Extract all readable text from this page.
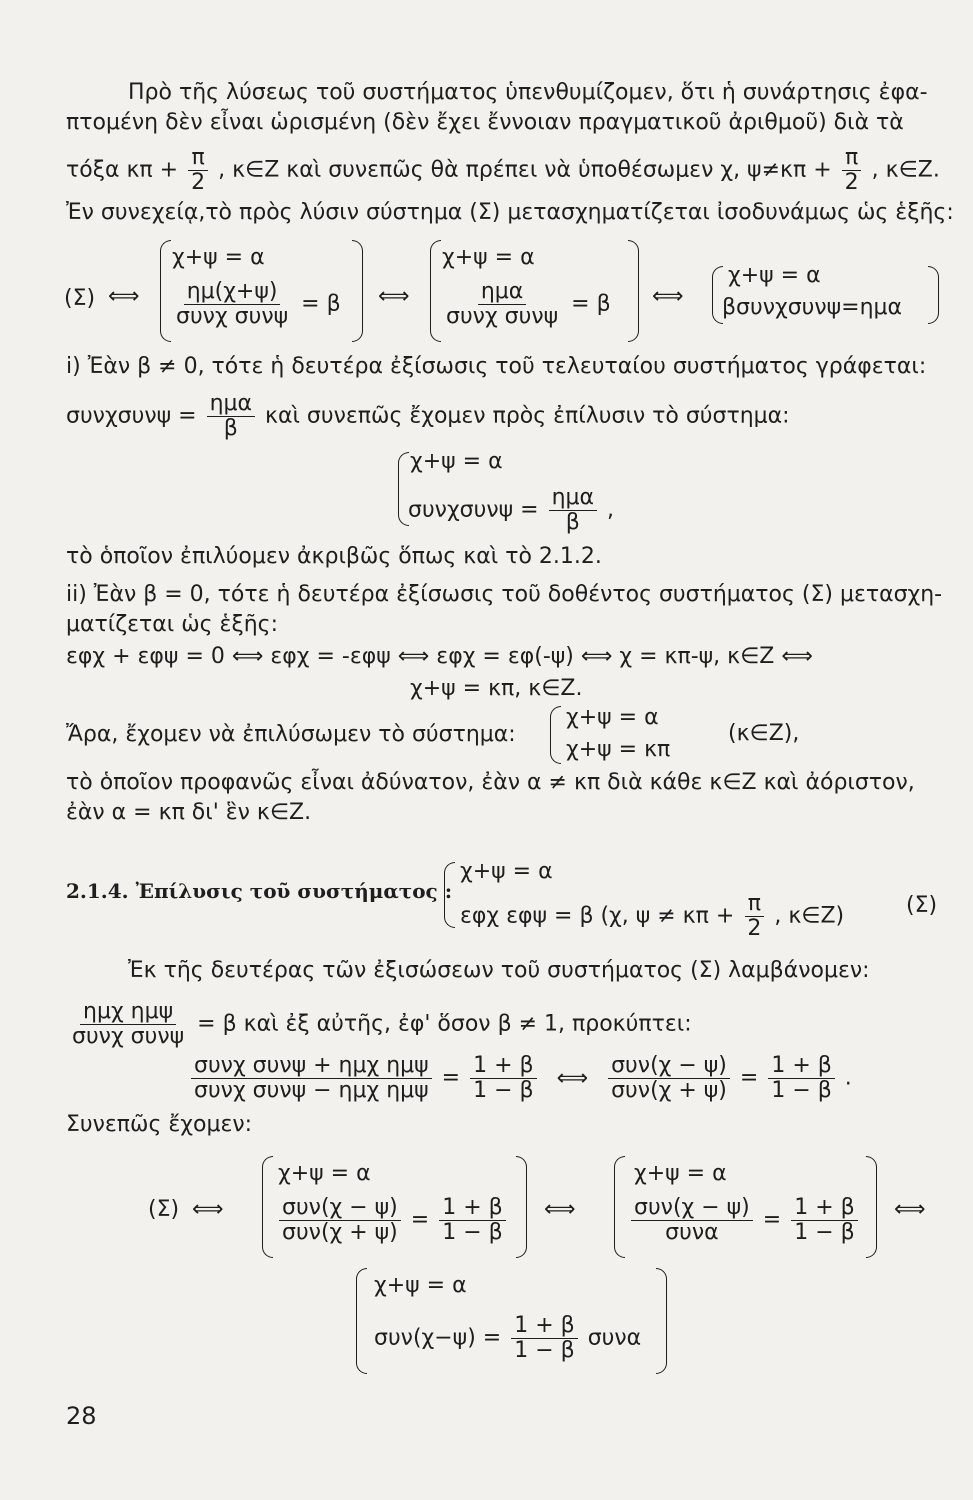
Πρὸ τῆς λύσεως τοῦ συστήματος ὑπενθυμίζομεν, ὅτι ἡ συνάρτησις ἐφα-
πτομένη δὲν εἶναι ὡρισμένη (δὲν ἔχει ἔννοιαν πραγματικοῦ ἀριθμοῦ) διὰ τὰ
τόξα $\kappa\pi + \frac{\pi}{2}$ , κ∈Z καὶ συνεπῶς θὰ πρέπει νὰ ὑποθέσωμεν χ, $\psi\ne\kappa\pi + \frac{\pi}{2}$ , κ∈Z.
Ἐν συνεχείᾳ,τὸ πρὸς λύσιν σύστημα (Σ) μετασχηματίζεται ἰσοδυνάμως ὡς ἑξῆς:
(Σ) ⟺
χ+ψ = α
$\frac{\eta\mu(\chi+\psi)}{\text{συνχ συνψ}} = \beta$ ⟺
χ+ψ = α
$\frac{\text{ημα}}{\text{συνχ συνψ}} = \beta$ ⟺
χ+ψ = α
βσυνχσυνψ=ημα
i) Ἐὰν β ≠ 0, τότε ἡ δευτέρα ἐξίσωσις τοῦ τελευταίου συστήματος γράφεται:
$\sigma\upsilon\nu\chi\sigma\upsilon\nu\psi = \frac{\text{ημα}}{\beta}$ καὶ συνεπῶς ἔχομεν πρὸς ἐπίλυσιν τὸ σύστημα:
χ+ψ = α
$\sigma\upsilon\nu\chi\sigma\upsilon\nu\psi = \frac{\text{ημα}}{\beta}$ ,
τὸ ὁποῖον ἐπιλύομεν ἀκριβῶς ὅπως καὶ τὸ 2.1.2.
ii) Ἐὰν β = 0, τότε ἡ δευτέρα ἐξίσωσις τοῦ δοθέντος συστήματος (Σ) μετασχη-
ματίζεται ὡς ἑξῆς:
εφχ + εφψ = 0 ⟺ εφχ = -εφψ ⟺ εφχ = εφ(-ψ) ⟺ χ = κπ-ψ, κ∈Z ⟺
χ+ψ = κπ, κ∈Z.
Ἄρα, ἔχομεν νὰ ἐπιλύσωμεν τὸ σύστημα:
χ+ψ = α
χ+ψ = κπ
(κ∈Z),
τὸ ὁποῖον προφανῶς εἶναι ἀδύνατον, ἐὰν α ≠ κπ διὰ κάθε κ∈Z καὶ ἀόριστον,
ἐὰν α = κπ δι' ἓν κ∈Z.
2.1.4. Ἐπίλυσις τοῦ συστήματος :
χ+ψ = α
εφχ εφψ = β (χ, $\psi \ne \kappa\pi + \frac{\pi}{2}$ , κ∈Z)	(Σ)
Ἐκ τῆς δευτέρας τῶν ἐξισώσεων τοῦ συστήματος (Σ) λαμβάνομεν:
$\frac{\text{ημχ ημψ}}{\text{συνχ συνψ}} = \beta$ καὶ ἐξ αὐτῆς, ἐφ' ὅσον β ≠ 1, προκύπτει:
$\frac{\text{συνχ συνψ + ημχ ημψ}}{\text{συνχ συνψ − ημχ ημψ}} = \frac{1 + \beta}{1 - \beta}$ ⟺ $\frac{\text{συν(χ − ψ)}}{\text{συν(χ + ψ)}} = \frac{1 + \beta}{1 - \beta}$ .
Συνεπῶς ἔχομεν:
(Σ) ⟺
χ+ψ = α
$\frac{\text{συν(χ − ψ)}}{\text{συν(χ + ψ)}} = \frac{1 + \beta}{1 - \beta}$ ⟺
χ+ψ = α
$\frac{\text{συν(χ − ψ)}}{\text{συνα}} = \frac{1 + \beta}{1 - \beta}$ ⟺
χ+ψ = α
$\sigma\upsilon\nu(\chi-\psi) = \frac{1 + \beta}{1 - \beta}$ συνα
28
